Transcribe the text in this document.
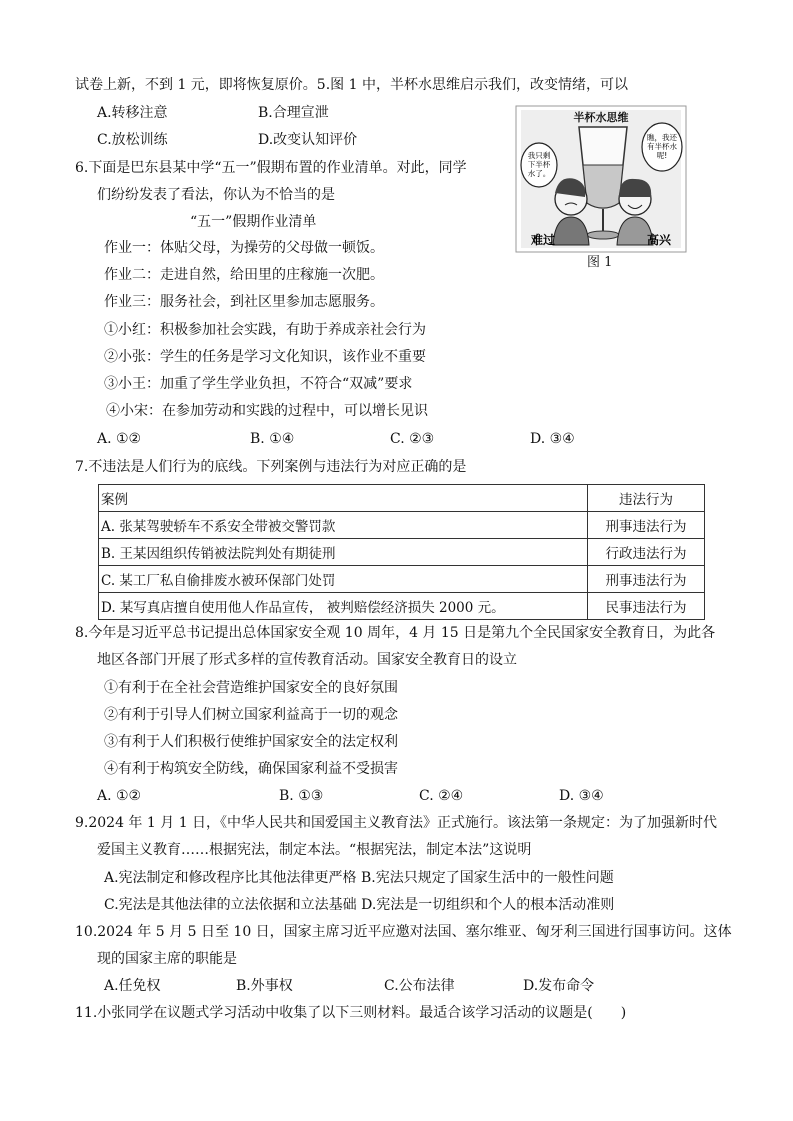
试卷上新，不到 1 元，即将恢复原价。5.图 1 中，半杯水思维启示我们，改变情绪，可以
A.转移注意	B.合理宣泄
C.放松训练	D.改变认知评价
半杯水思维
我只剩
下半杯
水了。
瞧，我还
有半杯水
呢!
难过	高兴
图 1
6.下面是巴东县某中学“五一”假期布置的作业清单。对此，同学
们纷纷发表了看法，你认为不恰当的是
“五一”假期作业清单
作业一：体贴父母，为操劳的父母做一顿饭。
作业二：走进自然，给田里的庄稼施一次肥。
作业三：服务社会，到社区里参加志愿服务。
①小红：积极参加社会实践，有助于养成亲社会行为
②小张：学生的任务是学习文化知识，该作业不重要
③小王：加重了学生学业负担，不符合“双减”要求
④小宋：在参加劳动和实践的过程中，可以增长见识
A. ①②	B. ①④	C. ②③	D. ③④
7.不违法是人们行为的底线。下列案例与违法行为对应正确的是
案例	违法行为
A. 张某驾驶轿车不系安全带被交警罚款	刑事违法行为
B. 王某因组织传销被法院判处有期徒刑	行政违法行为
C. 某工厂私自偷排废水被环保部门处罚	刑事违法行为
D. 某写真店擅自使用他人作品宣传， 被判赔偿经济损失 2000 元。	民事违法行为
8.今年是习近平总书记提出总体国家安全观 10 周年，4 月 15 日是第九个全民国家安全教育日，为此各
地区各部门开展了形式多样的宣传教育活动。国家安全教育日的设立
①有利于在全社会营造维护国家安全的良好氛围
②有利于引导人们树立国家利益高于一切的观念
③有利于人们积极行使维护国家安全的法定权利
④有利于构筑安全防线，确保国家利益不受损害
A. ①②	B. ①③	C. ②④	D. ③④
9.2024 年 1 月 1 日，《中华人民共和国爱国主义教育法》正式施行。该法第一条规定：为了加强新时代
爱国主义教育……根据宪法，制定本法。“根据宪法，制定本法”这说明
A.宪法制定和修改程序比其他法律更严格 B.宪法只规定了国家生活中的一般性问题
C.宪法是其他法律的立法依据和立法基础 D.宪法是一切组织和个人的根本活动准则
10.2024 年 5 月 5 日至 10 日，国家主席习近平应邀对法国、塞尔维亚、匈牙利三国进行国事访问。这体
现的国家主席的职能是
A.任免权	B.外事权	C.公布法律	D.发布命令
11.小张同学在议题式学习活动中收集了以下三则材料。最适合该学习活动的议题是(　　)
